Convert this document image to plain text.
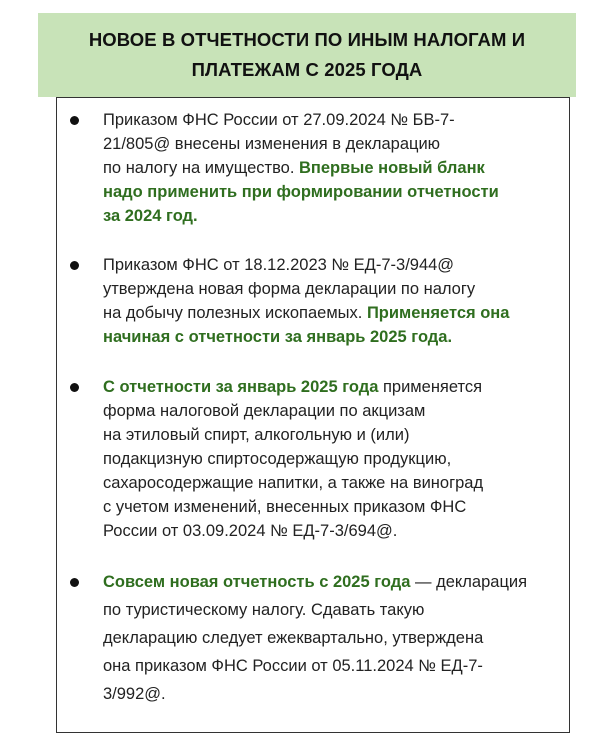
НОВОЕ В ОТЧЕТНОСТИ ПО ИНЫМ НАЛОГАМ И
ПЛАТЕЖАМ С 2025 ГОДА
Приказом ФНС России от 27.09.2024 № БВ-7-
21/805@ внесены изменения в декларацию
по налогу на имущество. Впервые новый бланк
надо применить при формировании отчетности
за 2024 год.
Приказом ФНС от 18.12.2023 № ЕД-7-3/944@
утверждена новая форма декларации по налогу
на добычу полезных ископаемых. Применяется она
начиная с отчетности за январь 2025 года.
С отчетности за январь 2025 года применяется
форма налоговой декларации по акцизам
на этиловый спирт, алкогольную и (или)
подакцизную спиртосодержащую продукцию,
сахаросодержащие напитки, а также на виноград
с учетом изменений, внесенных приказом ФНС
России от 03.09.2024 № ЕД-7-3/694@.
Совсем новая отчетность с 2025 года — декларация
по туристическому налогу. Сдавать такую
декларацию следует ежеквартально, утверждена
она приказом ФНС России от 05.11.2024 № ЕД-7-
3/992@.
